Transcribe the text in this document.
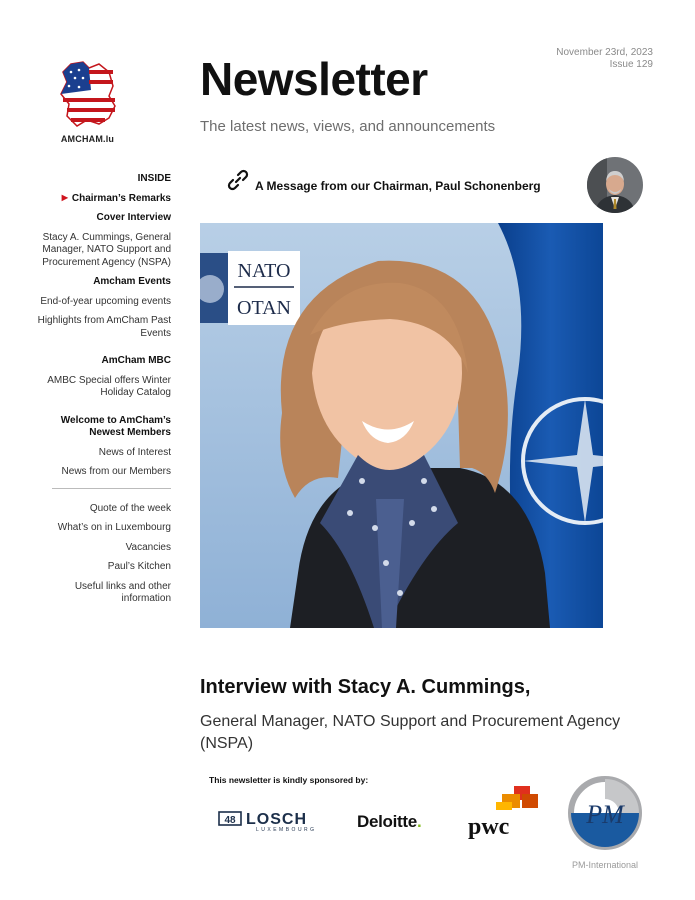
AMCHAM.lu
November 23rd, 2023
Issue 129
Newsletter
The latest news, views, and announcements
INSIDE
▶ Chairman’s Remarks
Cover Interview
Stacy A. Cummings, General Manager, NATO Support and Procurement Agency (NSPA)
Amcham Events
End-of-year upcoming events
Highlights from AmCham Past Events
AmCham MBC
AMBC Special offers Winter Holiday Catalog
Welcome to AmCham’s Newest Members
News of Interest
News from our Members
Quote of the week
What’s on in Luxembourg
Vacancies
Paul’s Kitchen
Useful links and other information
A Message from our Chairman, Paul Schonenberg
NATO
OTAN
Interview with Stacy A. Cummings,
General Manager, NATO Support and Procurement Agency (NSPA)
This newsletter is kindly sponsored by:
48 LOSCH
LUXEMBOURG Deloitte. pwc	PM
PM-International
